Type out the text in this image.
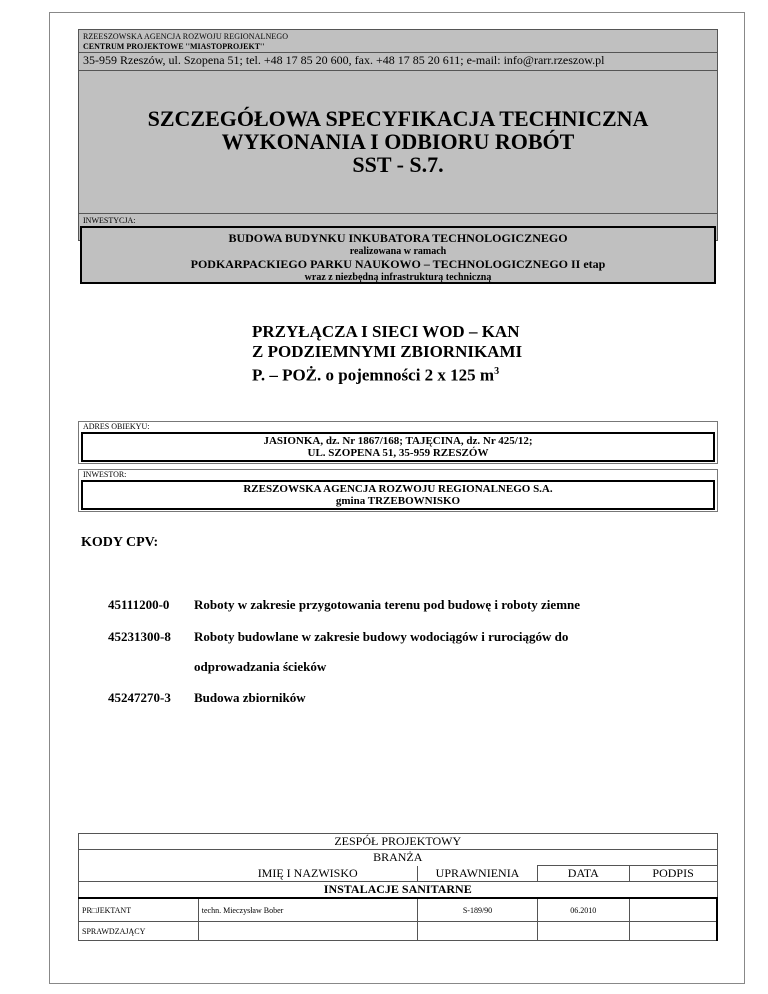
RZEESZOWSKA AGENCJA ROZWOJU REGIONALNEGO
CENTRUM PROJEKTOWE ''MIASTOPROJEKT''
35-959 Rzeszów, ul. Szopena 51; tel. +48 17 85 20 600, fax. +48 17 85 20 611; e-mail: info@rarr.rzeszow.pl
SZCZEGÓŁOWA SPECYFIKACJA TECHNICZNA
WYKONANIA I ODBIORU ROBÓT
SST - S.7.
INWESTYCJA:
BUDOWA BUDYNKU INKUBATORA TECHNOLOGICZNEGO
realizowana w ramach
PODKARPACKIEGO PARKU NAUKOWO – TECHNOLOGICZNEGO II etap
wraz z niezbędną infrastrukturą techniczną
PRZYŁĄCZA I SIECI WOD – KAN
Z PODZIEMNYMI ZBIORNIKAMI
P. – POŻ. o pojemności 2 x 125 $m^3$
ADRES OBIEKYU:
JASIONKA, dz. Nr 1867/168; TAJĘCINA, dz. Nr 425/12;
UL. SZOPENA 51, 35-959 RZESZÓW
INWESTOR:
RZESZOWSKA AGENCJA ROZWOJU REGIONALNEGO S.A.
gmina TRZEBOWNISKO
KODY CPV:
45111200-0 Roboty w zakresie przygotowania terenu pod budowę i roboty ziemne
45231300-8 Roboty budowlane w zakresie budowy wodociągów i rurociągów do
odprowadzania ścieków
45247270-3 Budowa zbiorników
ZESPÓŁ PROJEKTOWY				
BRANŻA				
	IMIĘ I NAZWISKO	UPRAWNIENIA	DATA	PODPIS
INSTALACJE SANITARNE				
PR□JEKTANT	techn. Mieczysław Bober	S-189/90	06.2010	
SPRAWDZAJĄCY				
